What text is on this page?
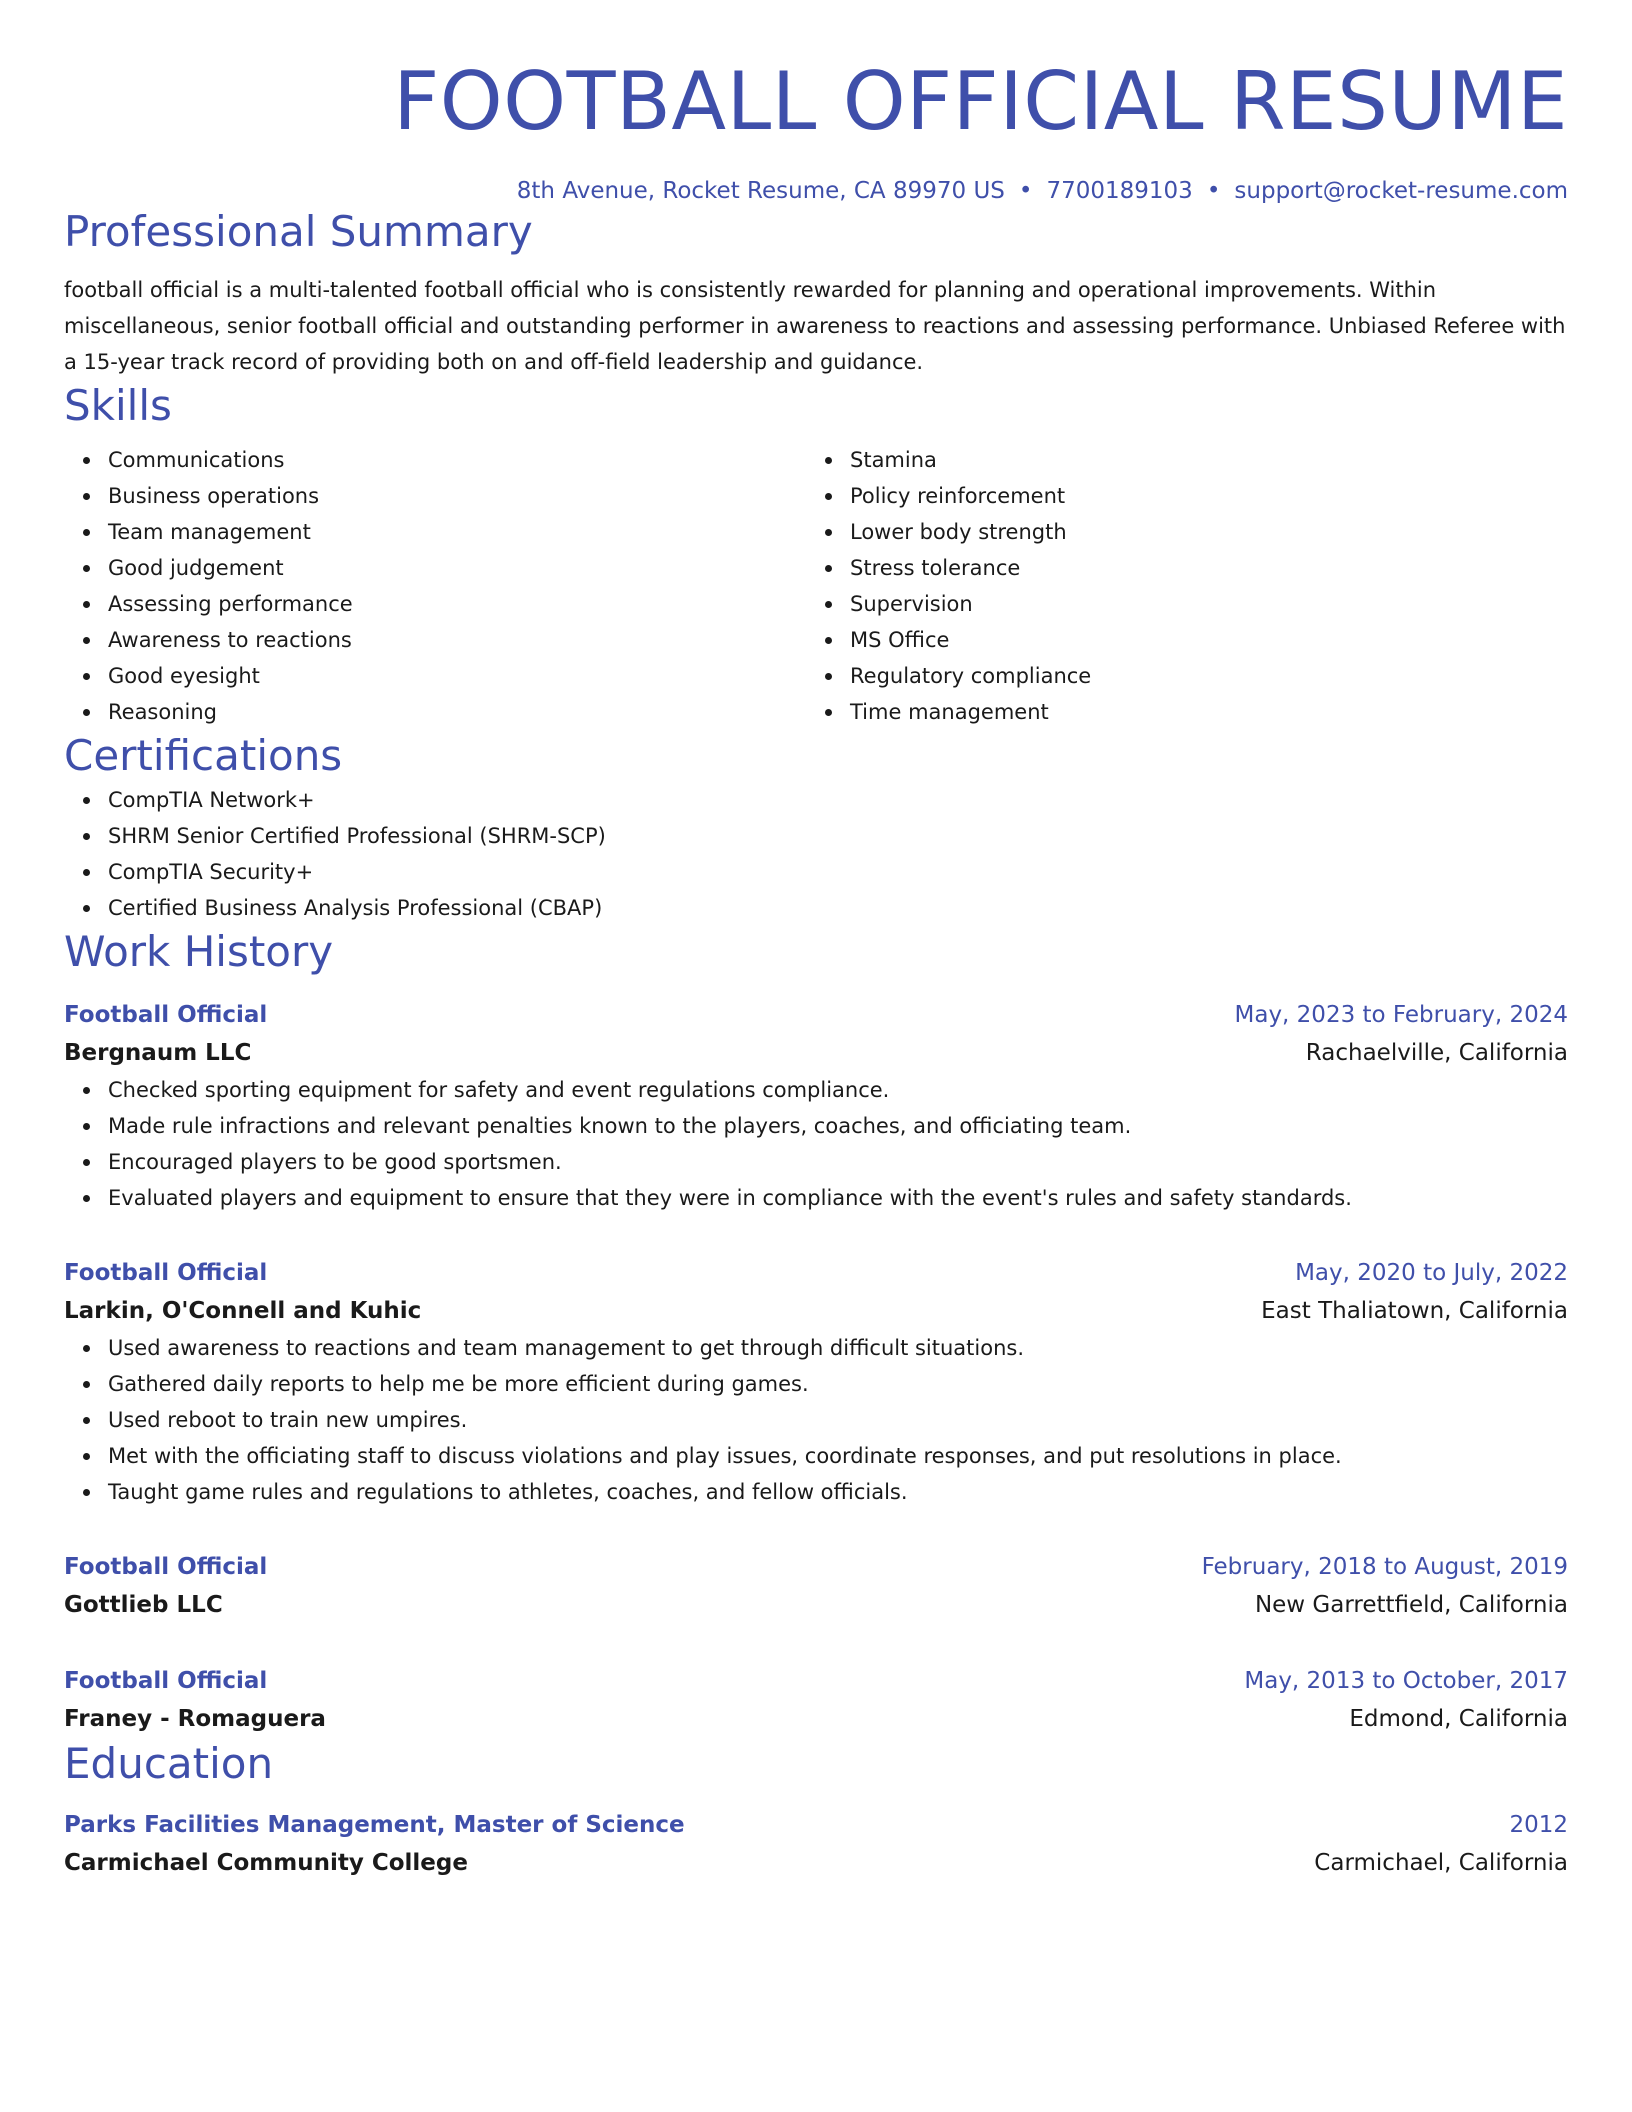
FOOTBALL OFFICIAL RESUME
8th Avenue, Rocket Resume, CA 89970 US • 7700189103 • support@rocket-resume.com
Professional Summary
football official is a multi-talented football official who is consistently rewarded for planning and operational improvements. Within miscellaneous, senior football official and outstanding performer in awareness to reactions and assessing performance. Unbiased Referee with a 15-year track record of providing both on and off-field leadership and guidance.
Skills
Communications
Business operations
Team management
Good judgement
Assessing performance
Awareness to reactions
Good eyesight
Reasoning
Stamina
Policy reinforcement
Lower body strength
Stress tolerance
Supervision
MS Office
Regulatory compliance
Time management
Certifications
CompTIA Network+
SHRM Senior Certified Professional (SHRM-SCP)
CompTIA Security+
Certified Business Analysis Professional (CBAP)
Work History
Football Official	May, 2023 to February, 2024
Bergnaum LLC	Rachaelville, California
Checked sporting equipment for safety and event regulations compliance.
Made rule infractions and relevant penalties known to the players, coaches, and officiating team.
Encouraged players to be good sportsmen.
Evaluated players and equipment to ensure that they were in compliance with the event's rules and safety standards.
Football Official	May, 2020 to July, 2022
Larkin, O'Connell and Kuhic	East Thaliatown, California
Used awareness to reactions and team management to get through difficult situations.
Gathered daily reports to help me be more efficient during games.
Used reboot to train new umpires.
Met with the officiating staff to discuss violations and play issues, coordinate responses, and put resolutions in place.
Taught game rules and regulations to athletes, coaches, and fellow officials.
Football Official	February, 2018 to August, 2019
Gottlieb LLC	New Garrettfield, California
Football Official	May, 2013 to October, 2017
Franey - Romaguera	Edmond, California
Education
Parks Facilities Management, Master of Science	2012
Carmichael Community College	Carmichael, California
